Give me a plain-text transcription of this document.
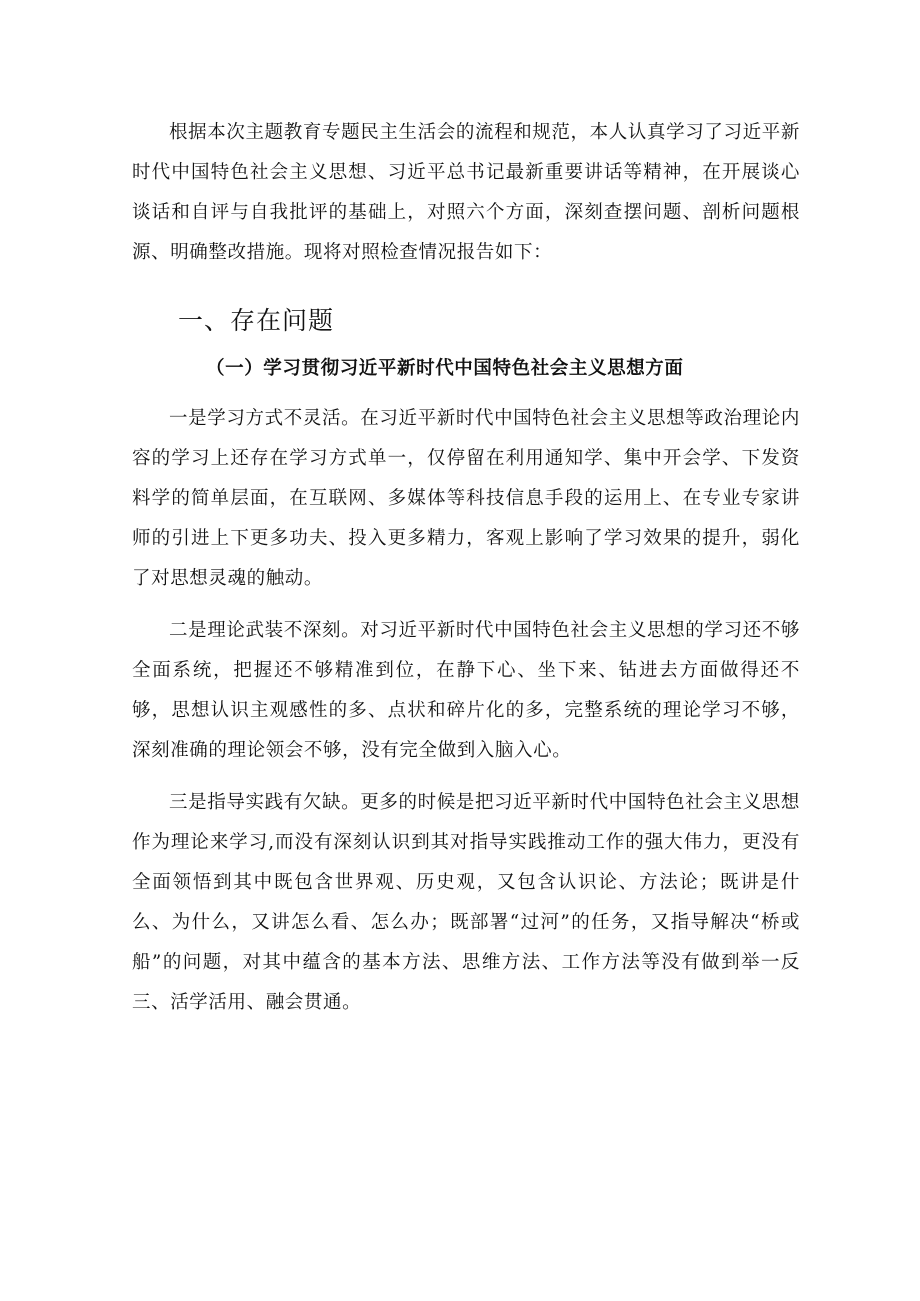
根据本次主题教育专题民主生活会的流程和规范，本人认真学习了习近平新时代中国特色社会主义思想、习近平总书记最新重要讲话等精神，在开展谈心谈话和自评与自我批评的基础上，对照六个方面，深刻查摆问题、剖析问题根源、明确整改措施。现将对照检查情况报告如下：

一、存在问题
（一）学习贯彻习近平新时代中国特色社会主义思想方面

一是学习方式不灵活。在习近平新时代中国特色社会主义思想等政治理论内容的学习上还存在学习方式单一，仅停留在利用通知学、集中开会学、下发资料学的简单层面，在互联网、多媒体等科技信息手段的运用上、在专业专家讲师的引进上下更多功夫、投入更多精力，客观上影响了学习效果的提升，弱化了对思想灵魂的触动。

二是理论武装不深刻。对习近平新时代中国特色社会主义思想的学习还不够全面系统，把握还不够精准到位，在静下心、坐下来、钻进去方面做得还不够，思想认识主观感性的多、点状和碎片化的多，完整系统的理论学习不够，深刻准确的理论领会不够，没有完全做到入脑入心。

三是指导实践有欠缺。更多的时候是把习近平新时代中国特色社会主义思想作为理论来学习,而没有深刻认识到其对指导实践推动工作的强大伟力，更没有全面领悟到其中既包含世界观、历史观，又包含认识论、方法论；既讲是什么、为什么，又讲怎么看、怎么办；既部署“过河”的任务，又指导解决“桥或船”的问题，对其中蕴含的基本方法、思维方法、工作方法等没有做到举一反三、活学活用、融会贯通。
